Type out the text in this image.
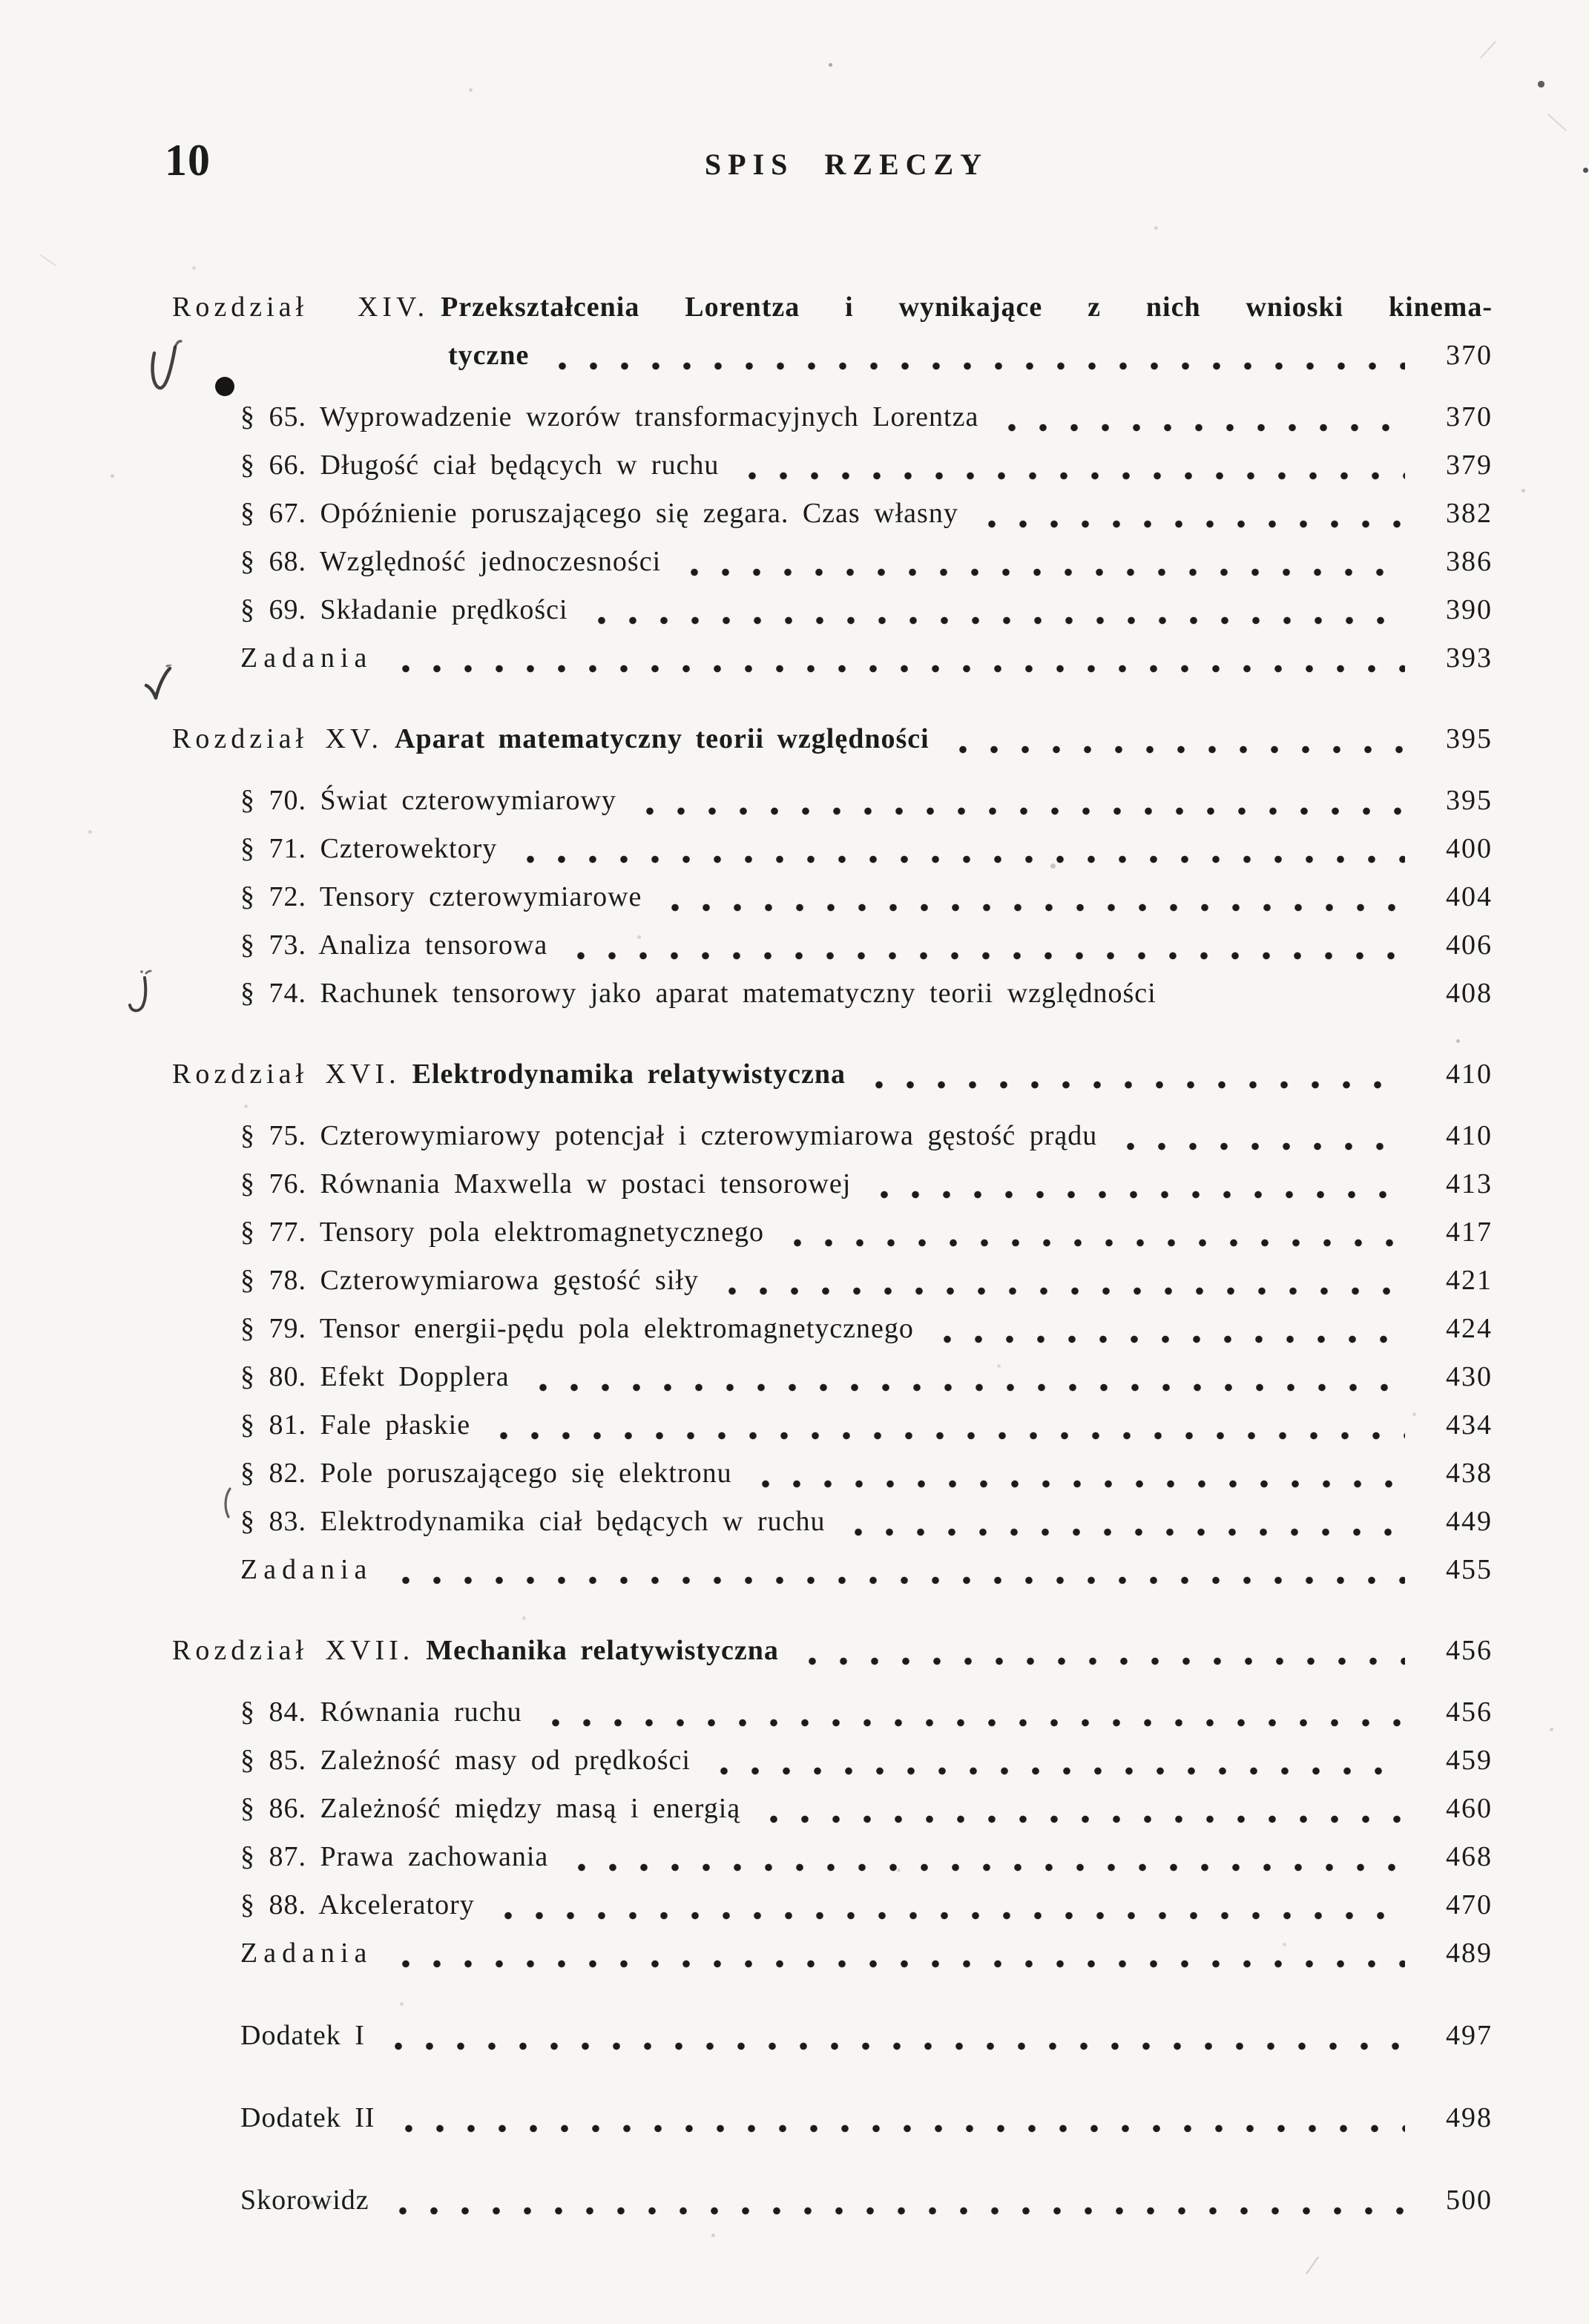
10	SPIS RZECZY
Rozdział XIV. Przekształcenia Lorentza i wynikające z nich wnioski kinema-
tyczne	370
§ 65. Wyprowadzenie wzorów transformacyjnych Lorentza	370
§ 66. Długość ciał będących w ruchu	379
§ 67. Opóźnienie poruszającego się zegara. Czas własny	382
§ 68. Względność jednoczesności	386
§ 69. Składanie prędkości	390
Zadania	393
Rozdział XV. Aparat matematyczny teorii względności	395
§ 70. Świat czterowymiarowy	395
§ 71. Czterowektory	400
§ 72. Tensory czterowymiarowe	404
§ 73. Analiza tensorowa	406
§ 74. Rachunek tensorowy jako aparat matematyczny teorii względności	408
Rozdział XVI. Elektrodynamika relatywistyczna	410
§ 75. Czterowymiarowy potencjał i czterowymiarowa gęstość prądu	410
§ 76. Równania Maxwella w postaci tensorowej	413
§ 77. Tensory pola elektromagnetycznego	417
§ 78. Czterowymiarowa gęstość siły	421
§ 79. Tensor energii-pędu pola elektromagnetycznego	424
§ 80. Efekt Dopplera	430
§ 81. Fale płaskie	434
§ 82. Pole poruszającego się elektronu	438
§ 83. Elektrodynamika ciał będących w ruchu	449
Zadania	455
Rozdział XVII. Mechanika relatywistyczna	456
§ 84. Równania ruchu	456
§ 85. Zależność masy od prędkości	459
§ 86. Zależność między masą i energią	460
§ 87. Prawa zachowania	468
§ 88. Akceleratory	470
Zadania	489
Dodatek I	497
Dodatek II	498
Skorowidz	500
